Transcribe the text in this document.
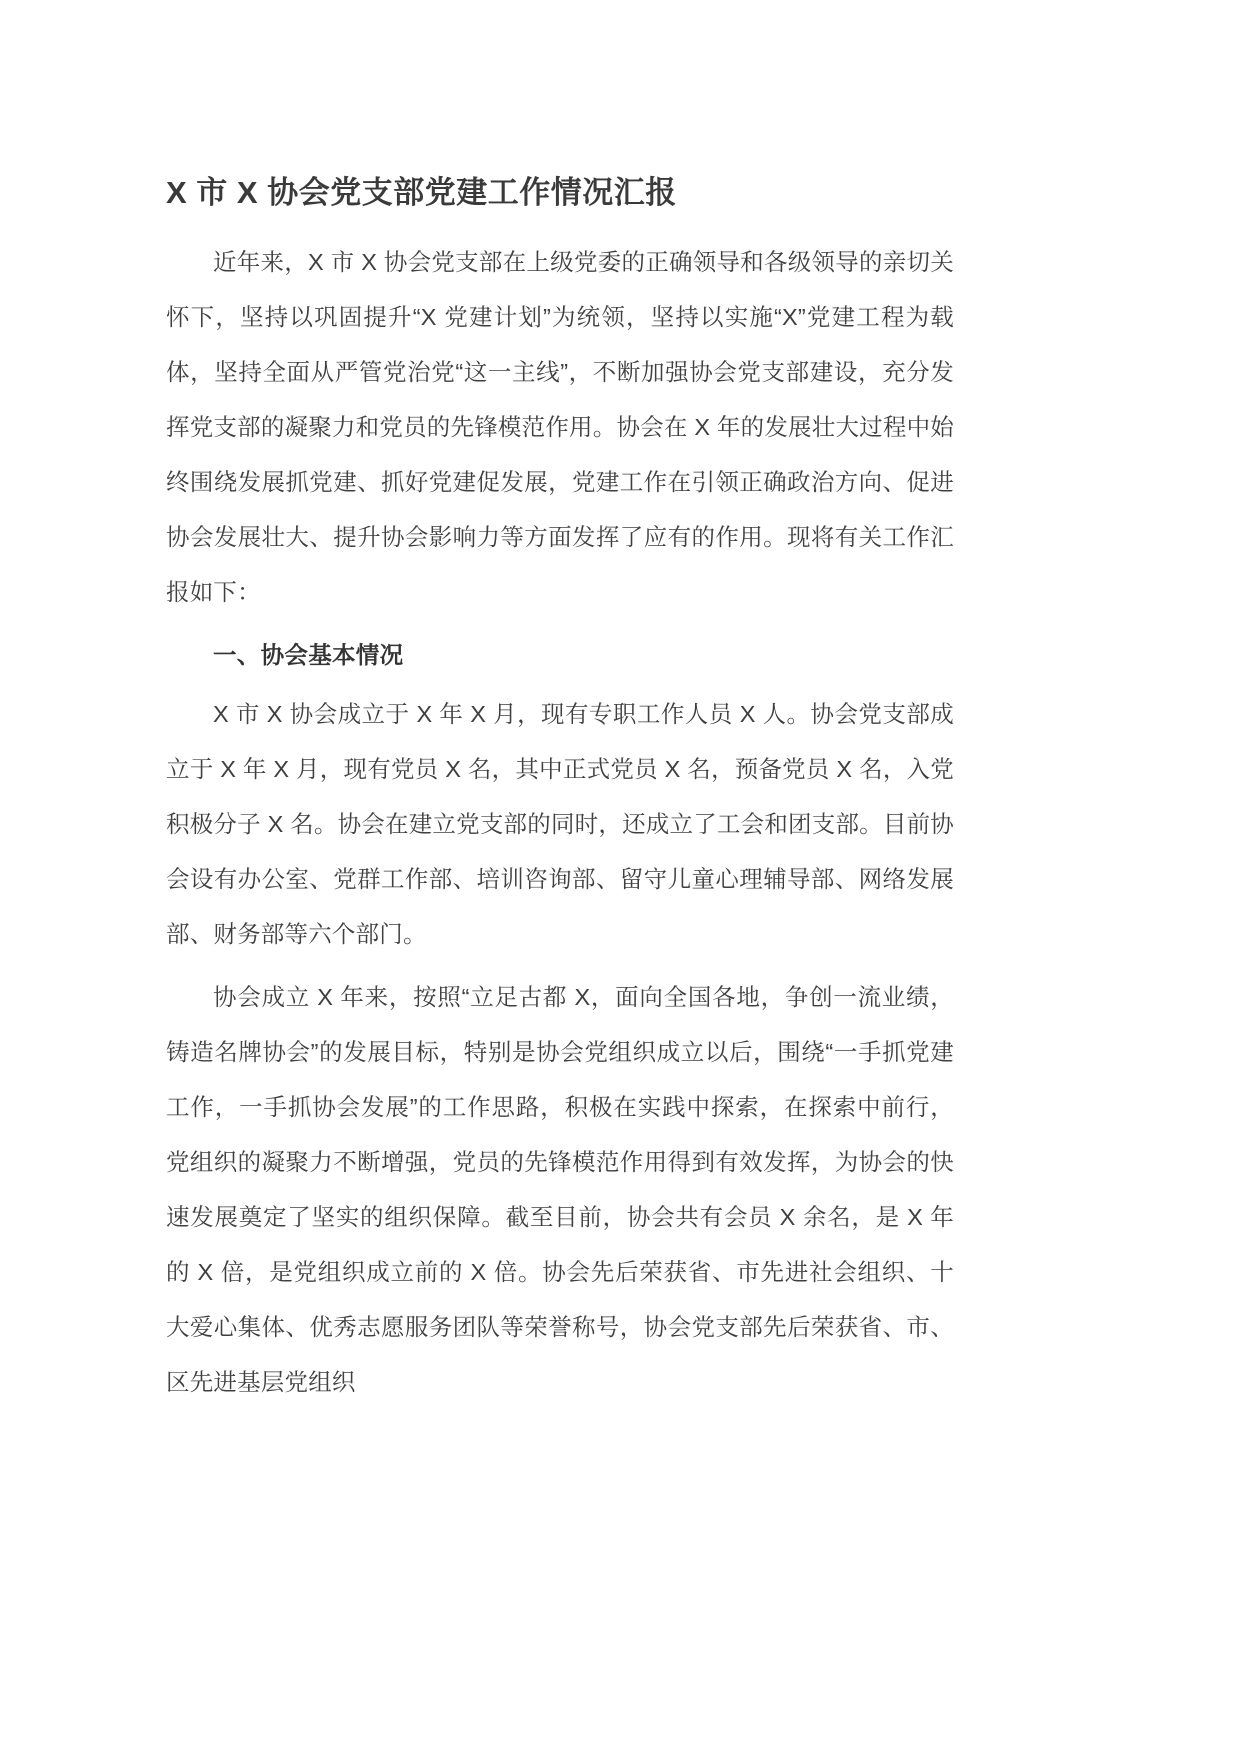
X 市 X 协会党支部党建工作情况汇报

近年来，X 市 X 协会党支部在上级党委的正确领导和各级领导的亲切关怀下，坚持以巩固提升“X 党建计划”为统领，坚持以实施“X”党建工程为载体，坚持全面从严管党治党“这一主线”，不断加强协会党支部建设，充分发挥党支部的凝聚力和党员的先锋模范作用。协会在 X 年的发展壮大过程中始终围绕发展抓党建、抓好党建促发展，党建工作在引领正确政治方向、促进协会发展壮大、提升协会影响力等方面发挥了应有的作用。现将有关工作汇报如下：

一、协会基本情况

X 市 X 协会成立于 X 年 X 月，现有专职工作人员 X 人。协会党支部成立于 X 年 X 月，现有党员 X 名，其中正式党员 X 名，预备党员 X 名，入党积极分子 X 名。协会在建立党支部的同时，还成立了工会和团支部。目前协会设有办公室、党群工作部、培训咨询部、留守儿童心理辅导部、网络发展部、财务部等六个部门。

协会成立 X 年来，按照“立足古都 X，面向全国各地，争创一流业绩，铸造名牌协会”的发展目标，特别是协会党组织成立以后，围绕“一手抓党建工作，一手抓协会发展”的工作思路，积极在实践中探索，在探索中前行，党组织的凝聚力不断增强，党员的先锋模范作用得到有效发挥，为协会的快速发展奠定了坚实的组织保障。截至目前，协会共有会员 X 余名，是 X 年的 X 倍，是党组织成立前的 X 倍。协会先后荣获省、市先进社会组织、十大爱心集体、优秀志愿服务团队等荣誉称号，协会党支部先后荣获省、市、区先进基层党组织
